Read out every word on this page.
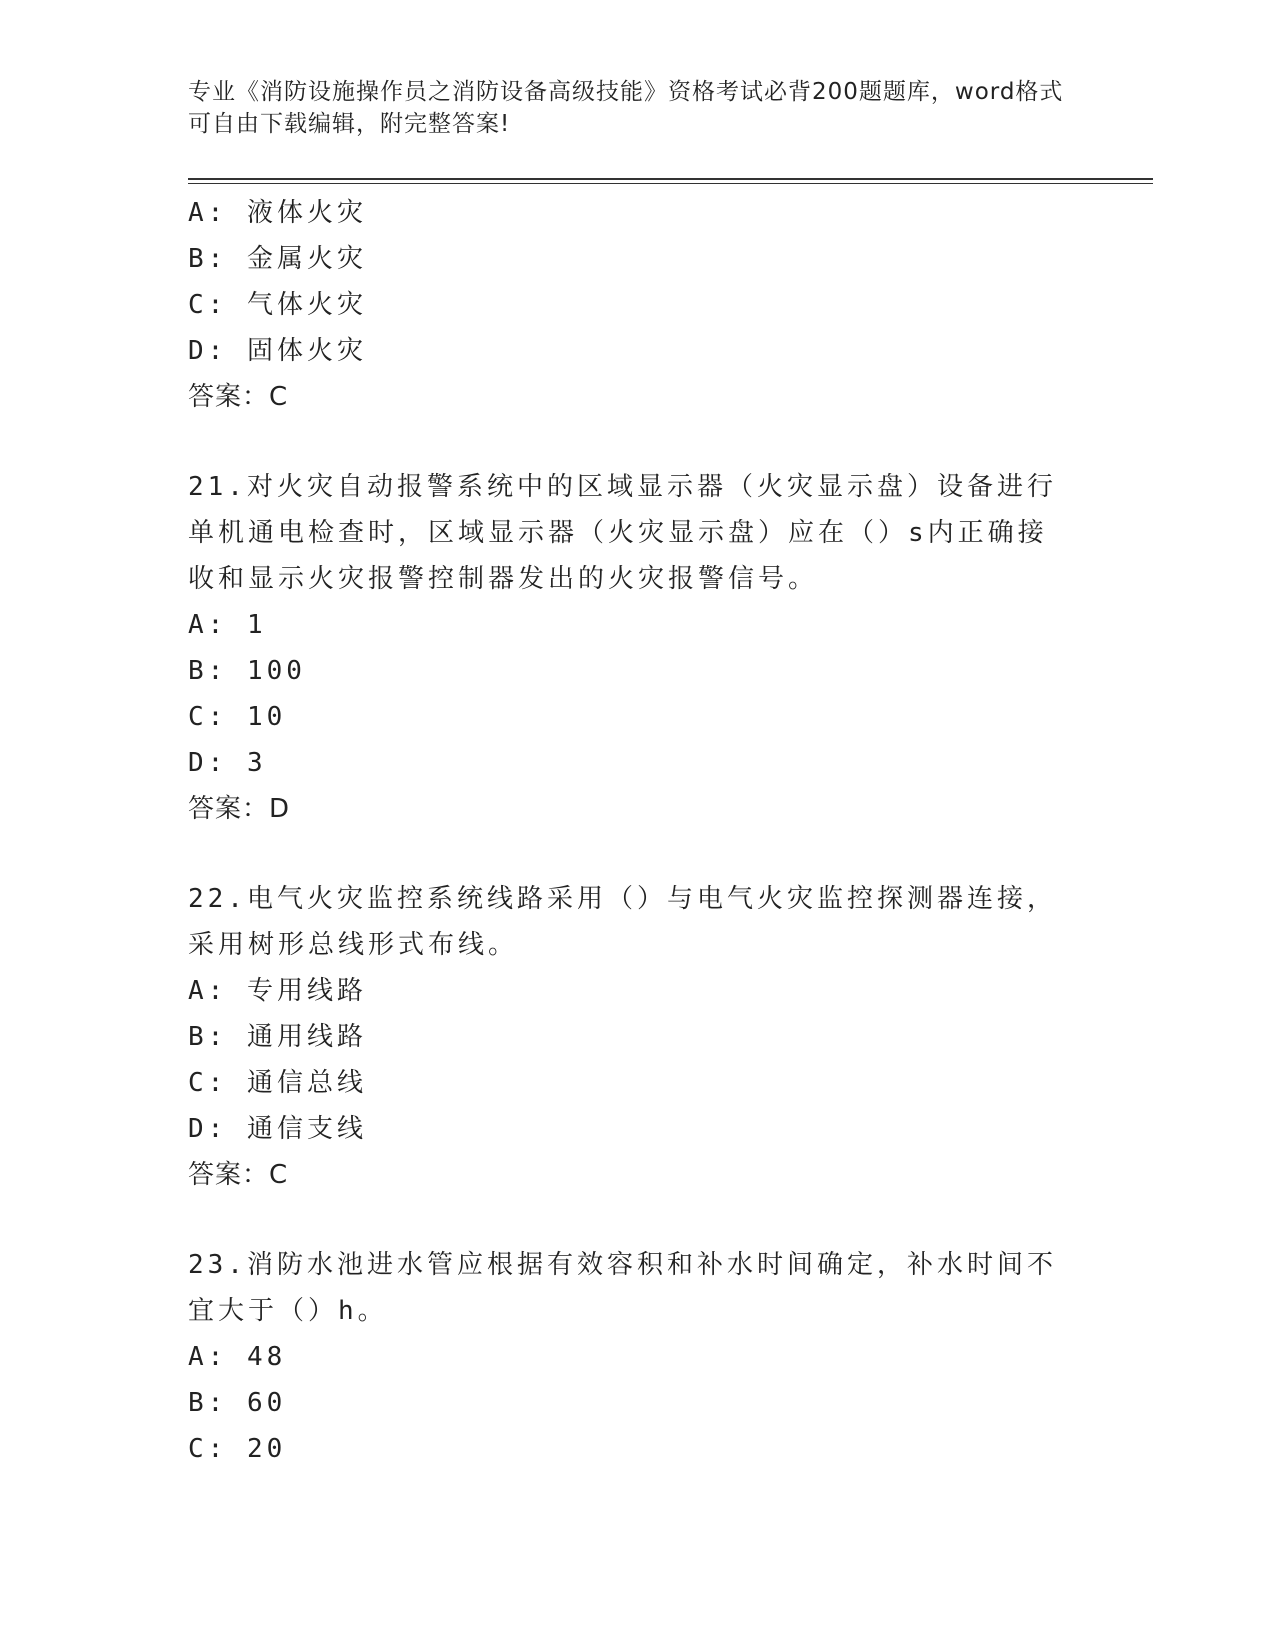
专业《消防设施操作员之消防设备高级技能》资格考试必背200题题库，word格式可自由下载编辑，附完整答案!
A: 液体火灾
B: 金属火灾
C: 气体火灾
D: 固体火灾
答案：C
21.对火灾自动报警系统中的区域显示器（火灾显示盘）设备进行单机通电检查时，区域显示器（火灾显示盘）应在（）s内正确接收和显示火灾报警控制器发出的火灾报警信号。
A: 1
B: 100
C: 10
D: 3
答案：D
22.电气火灾监控系统线路采用（）与电气火灾监控探测器连接，采用树形总线形式布线。
A: 专用线路
B: 通用线路
C: 通信总线
D: 通信支线
答案：C
23.消防水池进水管应根据有效容积和补水时间确定，补水时间不宜大于（）h。
A: 48
B: 60
C: 20
